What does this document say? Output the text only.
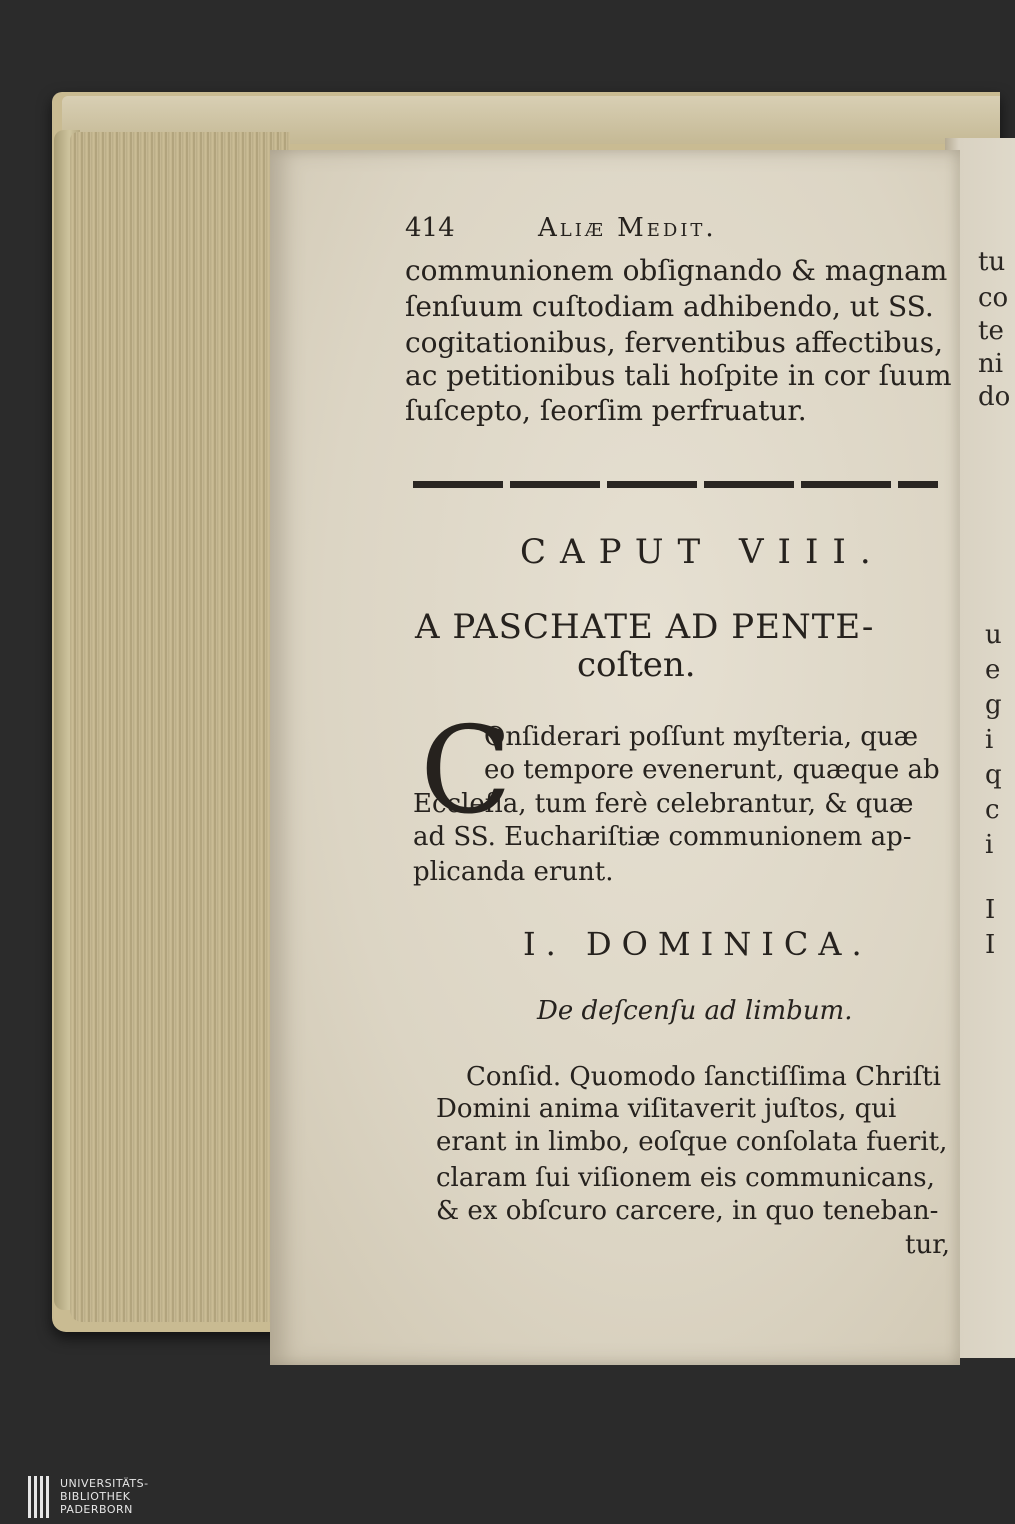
414	Aliæ Medit.
communionem obſignando & magnam
ſenſuum cuſtodiam adhibendo, ut SS.
cogitationibus, ferventibus affectibus,
ac petitionibus tali hoſpite in cor ſuum
ſuſcepto, ſeorſim perfruatur.
CAPUT VIII.
A PASCHATE AD PENTE-
coſten.
C
Onſiderari poſſunt myſteria, quæ
eo tempore evenerunt, quæque ab
Eccleſia, tum ferè celebrantur, & quæ
ad SS. Euchariſtiæ communionem ap-
plicanda erunt.
I. DOMINICA.
De deſcenſu ad limbum.
Conſid. Quomodo ſanctiſſima Chriſti
Domini anima viſitaverit juſtos, qui
erant in limbo, eoſque conſolata fuerit,
claram ſui viſionem eis communicans,
& ex obſcuro carcere, in quo teneban-
tur,
tu
co
te
ni
do
u
e
g
i
q
c
i
I
I
UNIVERSITÄTS-
BIBLIOTHEK
PADERBORN
